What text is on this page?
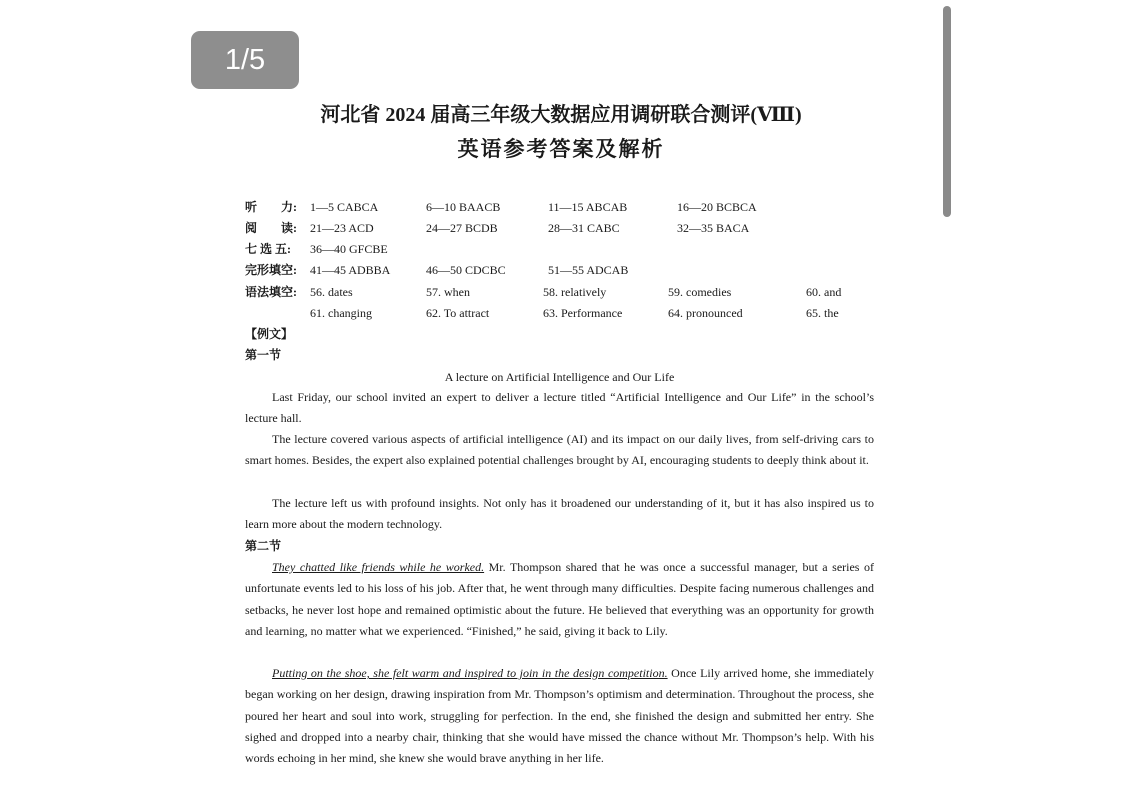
1/5
河北省 2024 届高三年级大数据应用调研联合测评(Ⅷ)
英语参考答案及解析
听　　力: 1—5 CABCA	6—10 BAACB	11—15 ABCAB	16—20 BCBCA
阅　　读: 21—23 ACD	24—27 BCDB	28—31 CABC	32—35 BACA
七 选 五: 36—40 GFCBE
完形填空: 41—45 ADBBA	46—50 CDCBC	51—55 ADCAB
语法填空: 56. dates	57. when	58. relatively	59. comedies	60. and
61. changing	62. To attract	63. Performance	64. pronounced	65. the
【例文】
第一节
A lecture on Artificial Intelligence and Our Life

Last Friday, our school invited an expert to deliver a lecture titled “Artificial Intelligence and Our Life” in the school’s lecture hall.

The lecture covered various aspects of artificial intelligence (AI) and its impact on our daily lives, from self-driving cars to smart homes. Besides, the expert also explained potential challenges brought by AI, encouraging students to deeply think about it.

The lecture left us with profound insights. Not only has it broadened our understanding of it, but it has also inspired us to learn more about the modern technology.

第二节

They chatted like friends while he worked. Mr. Thompson shared that he was once a successful manager, but a series of unfortunate events led to his loss of his job. After that, he went through many difficulties. Despite facing numerous challenges and setbacks, he never lost hope and remained optimistic about the future. He believed that everything was an opportunity for growth and learning, no matter what we experienced. “Finished,” he said, giving it back to Lily.

Putting on the shoe, she felt warm and inspired to join in the design competition. Once Lily arrived home, she immediately began working on her design, drawing inspiration from Mr. Thompson’s optimism and determination. Throughout the process, she poured her heart and soul into work, struggling for perfection. In the end, she finished the design and submitted her entry. She sighed and dropped into a nearby chair, thinking that she would have missed the chance without Mr. Thompson’s help. With his words echoing in her mind, she knew she would brave anything in her life.
